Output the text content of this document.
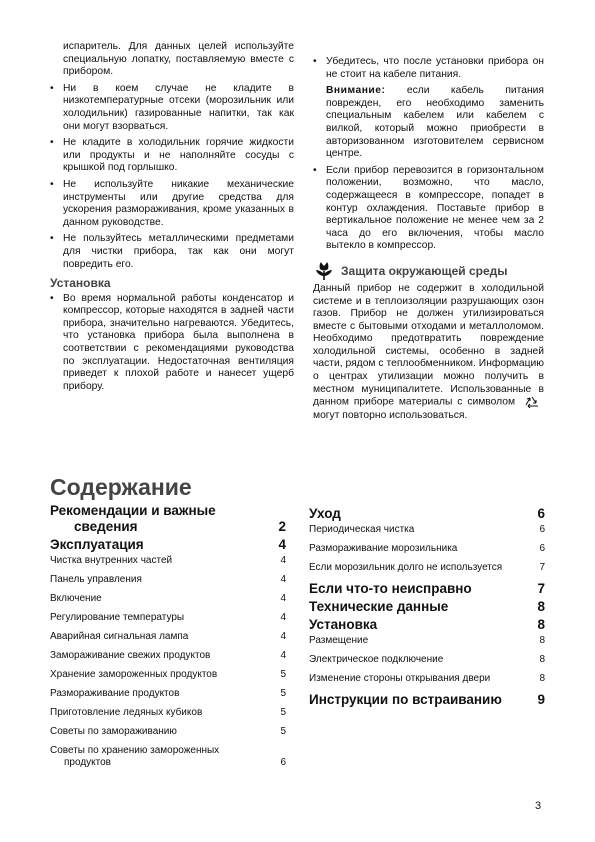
испаритель. Для данных целей используйте специальную лопатку, поставляемую вместе с прибором.

• Ни в коем случае не кладите в низкотемпературные отсеки (морозильник или холодильник) газированные напитки, так как они могут взорваться.
• Не кладите в холодильник горячие жидкости или продукты и не наполняйте сосуды с крышкой под горлышко.
• Не используйте никакие механические инструменты или другие средства для ускорения размораживания, кроме указанных в данном руководстве.
• Не пользуйтесь металлическими предметами для чистки прибора, так как они могут повредить его.
Установка
• Во время нормальной работы конденсатор и компрессор, которые находятся в задней части прибора, значительно нагреваются. Убедитесь, что установка прибора была выполнена в соответствии с рекомендациями руководства по эксплуатации. Недостаточная вентиляция приведет к плохой работе и нанесет ущерб прибору.
• Убедитесь, что после установки прибора он не стоит на кабеле питания.

Внимание: если кабель питания поврежден, его необходимо заменить специальным кабелем или кабелем с вилкой, который можно приобрести в авторизованном изготовителем сервисном центре.

• Если прибор перевозится в горизонтальном положении, возможно, что масло, содержащееся в компрессоре, попадет в контур охлаждения. Поставьте прибор в вертикальное положение не менее чем за 2 часа до его включения, чтобы масло вытекло в компрессор.
Защита окружающей среды

Данный прибор не содержит в холодильной системе и в теплоизоляции разрушающих озон газов. Прибор не должен утилизироваться вместе с бытовыми отходами и металлоломом. Необходимо предотвратить повреждение холодильной системы, особенно в задней части, рядом с теплообменником. Информацию о центрах утилизации можно получить в местном муниципалитете. Использованные в данном приборе материалы с символом  могут повторно использоваться.

Содержание
Рекомендации и важные
сведения	2
Эксплуатация	4
Чистка внутренних частей	4
Панель управления	4
Включение	4
Регулирование температуры	4
Аварийная сигнальная лампа	4
Замораживание свежих продуктов	4
Хранение замороженных продуктов	5
Размораживание продуктов	5
Приготовление ледяных кубиков	5
Советы по замораживанию	5
Советы по хранению замороженных
продуктов	6
Уход	6
Периодическая чистка	6
Размораживание морозильника	6
Если морозильник долго не используется	7
Если что-то неисправно	7
Технические данные	8
Установка	8
Размещение	8
Электрическое подключение	8
Изменение стороны открывания двери	8
Инструкции по встраиванию	9
3
